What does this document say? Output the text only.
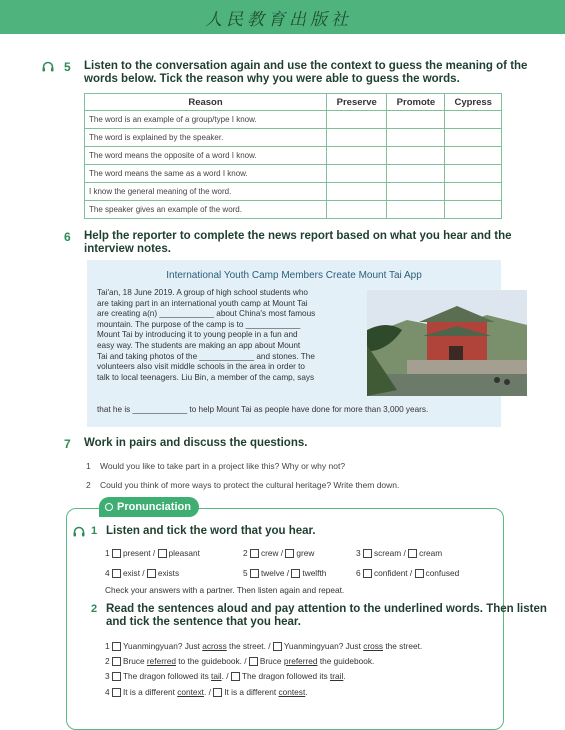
人民教育出版社
5 Listen to the conversation again and use the context to guess the meaning of the
words below. Tick the reason why you were able to guess the words.
Reason	Preserve	Promote	Cypress
The word is an example of a group/type I know.			
The word is explained by the speaker.			
The word means the opposite of a word I know.			
The word means the same as a word I know.			
I know the general meaning of the word.			
The speaker gives an example of the word.			
6 Help the reporter to complete the news report based on what you hear and the
interview notes.
International Youth Camp Members Create Mount Tai App
Tai'an, 18 June 2019. A group of high school students who
are taking part in an international youth camp at Mount Tai
are creating a(n) ____________ about China's most famous
mountain. The purpose of the camp is to ____________
Mount Tai by introducing it to young people in a fun and
easy way. The students are making an app about Mount
Tai and taking photos of the ____________ and stones. The
volunteers also visit middle schools in the area in order to
talk to local teenagers. Liu Bin, a member of the camp, says
that he is ____________ to help Mount Tai as people have done for more than 3,000 years.
7 Work in pairs and discuss the questions.
1 Would you like to take part in a project like this? Why or why not?
2 Could you think of more ways to protect the cultural heritage? Write them down.
Pronunciation
1 Listen and tick the word that you hear.
1 present / pleasant	2 crew / grew	3 scream / cream
4 exist / exists	5 twelve / twelfth	6 confident / confused
Check your answers with a partner. Then listen again and repeat.
2 Read the sentences aloud and pay attention to the underlined words. Then listen
and tick the sentence that you hear.
1 Yuanmingyuan? Just across the street. / Yuanmingyuan? Just cross the street.
2 Bruce referred to the guidebook. / Bruce preferred the guidebook.
3 The dragon followed its tail. / The dragon followed its trail.
4 It is a different context. / It is a different contest.
